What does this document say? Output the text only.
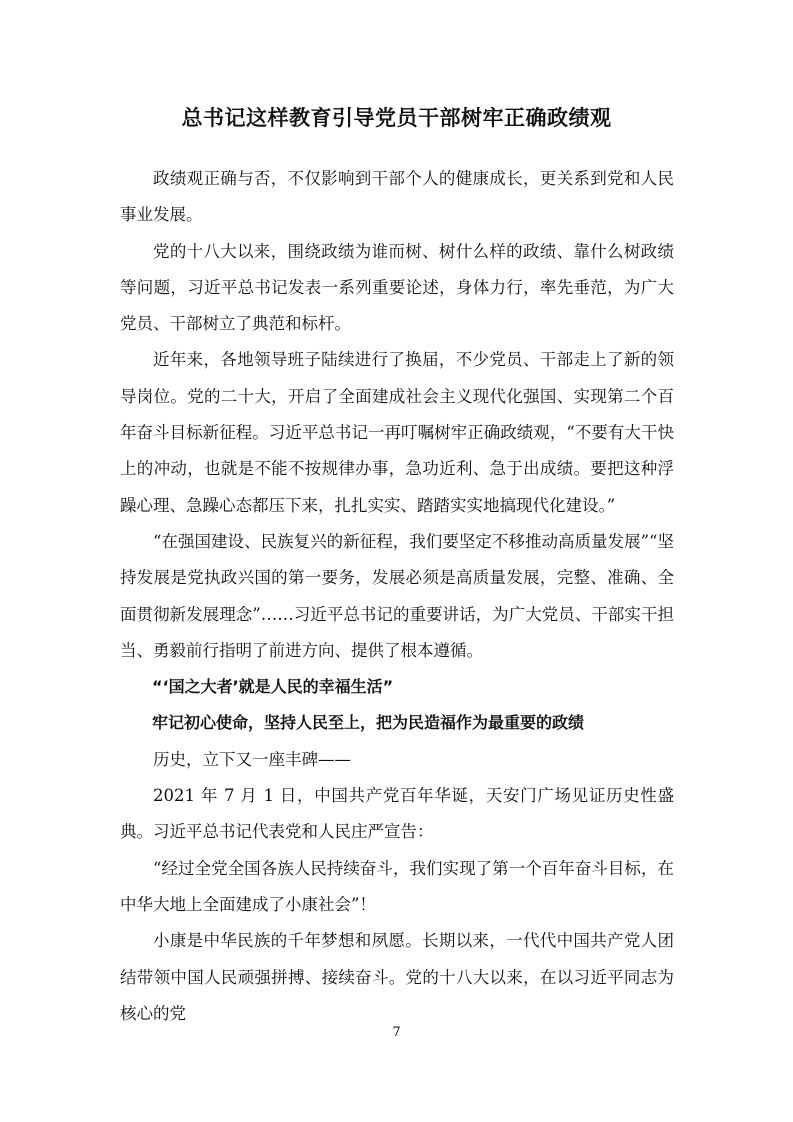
总书记这样教育引导党员干部树牢正确政绩观

政绩观正确与否，不仅影响到干部个人的健康成长，更关系到党和人民事业发展。

党的十八大以来，围绕政绩为谁而树、树什么样的政绩、靠什么树政绩等问题，习近平总书记发表一系列重要论述，身体力行，率先垂范，为广大党员、干部树立了典范和标杆。

近年来，各地领导班子陆续进行了换届，不少党员、干部走上了新的领导岗位。党的二十大，开启了全面建成社会主义现代化强国、实现第二个百年奋斗目标新征程。习近平总书记一再叮嘱树牢正确政绩观，“不要有大干快上的冲动，也就是不能不按规律办事，急功近利、急于出成绩。要把这种浮躁心理、急躁心态都压下来，扎扎实实、踏踏实实地搞现代化建设。”

“在强国建设、民族复兴的新征程，我们要坚定不移推动高质量发展”“坚持发展是党执政兴国的第一要务，发展必须是高质量发展，完整、准确、全面贯彻新发展理念”……习近平总书记的重要讲话，为广大党员、干部实干担当、勇毅前行指明了前进方向、提供了根本遵循。

“‘国之大者’就是人民的幸福生活”

牢记初心使命，坚持人民至上，把为民造福作为最重要的政绩

历史，立下又一座丰碑——

2021 年 7 月 1 日，中国共产党百年华诞，天安门广场见证历史性盛典。习近平总书记代表党和人民庄严宣告：

“经过全党全国各族人民持续奋斗，我们实现了第一个百年奋斗目标，在中华大地上全面建成了小康社会”！

小康是中华民族的千年梦想和夙愿。长期以来，一代代中国共产党人团结带领中国人民顽强拼搏、接续奋斗。党的十八大以来，在以习近平同志为核心的党

7
